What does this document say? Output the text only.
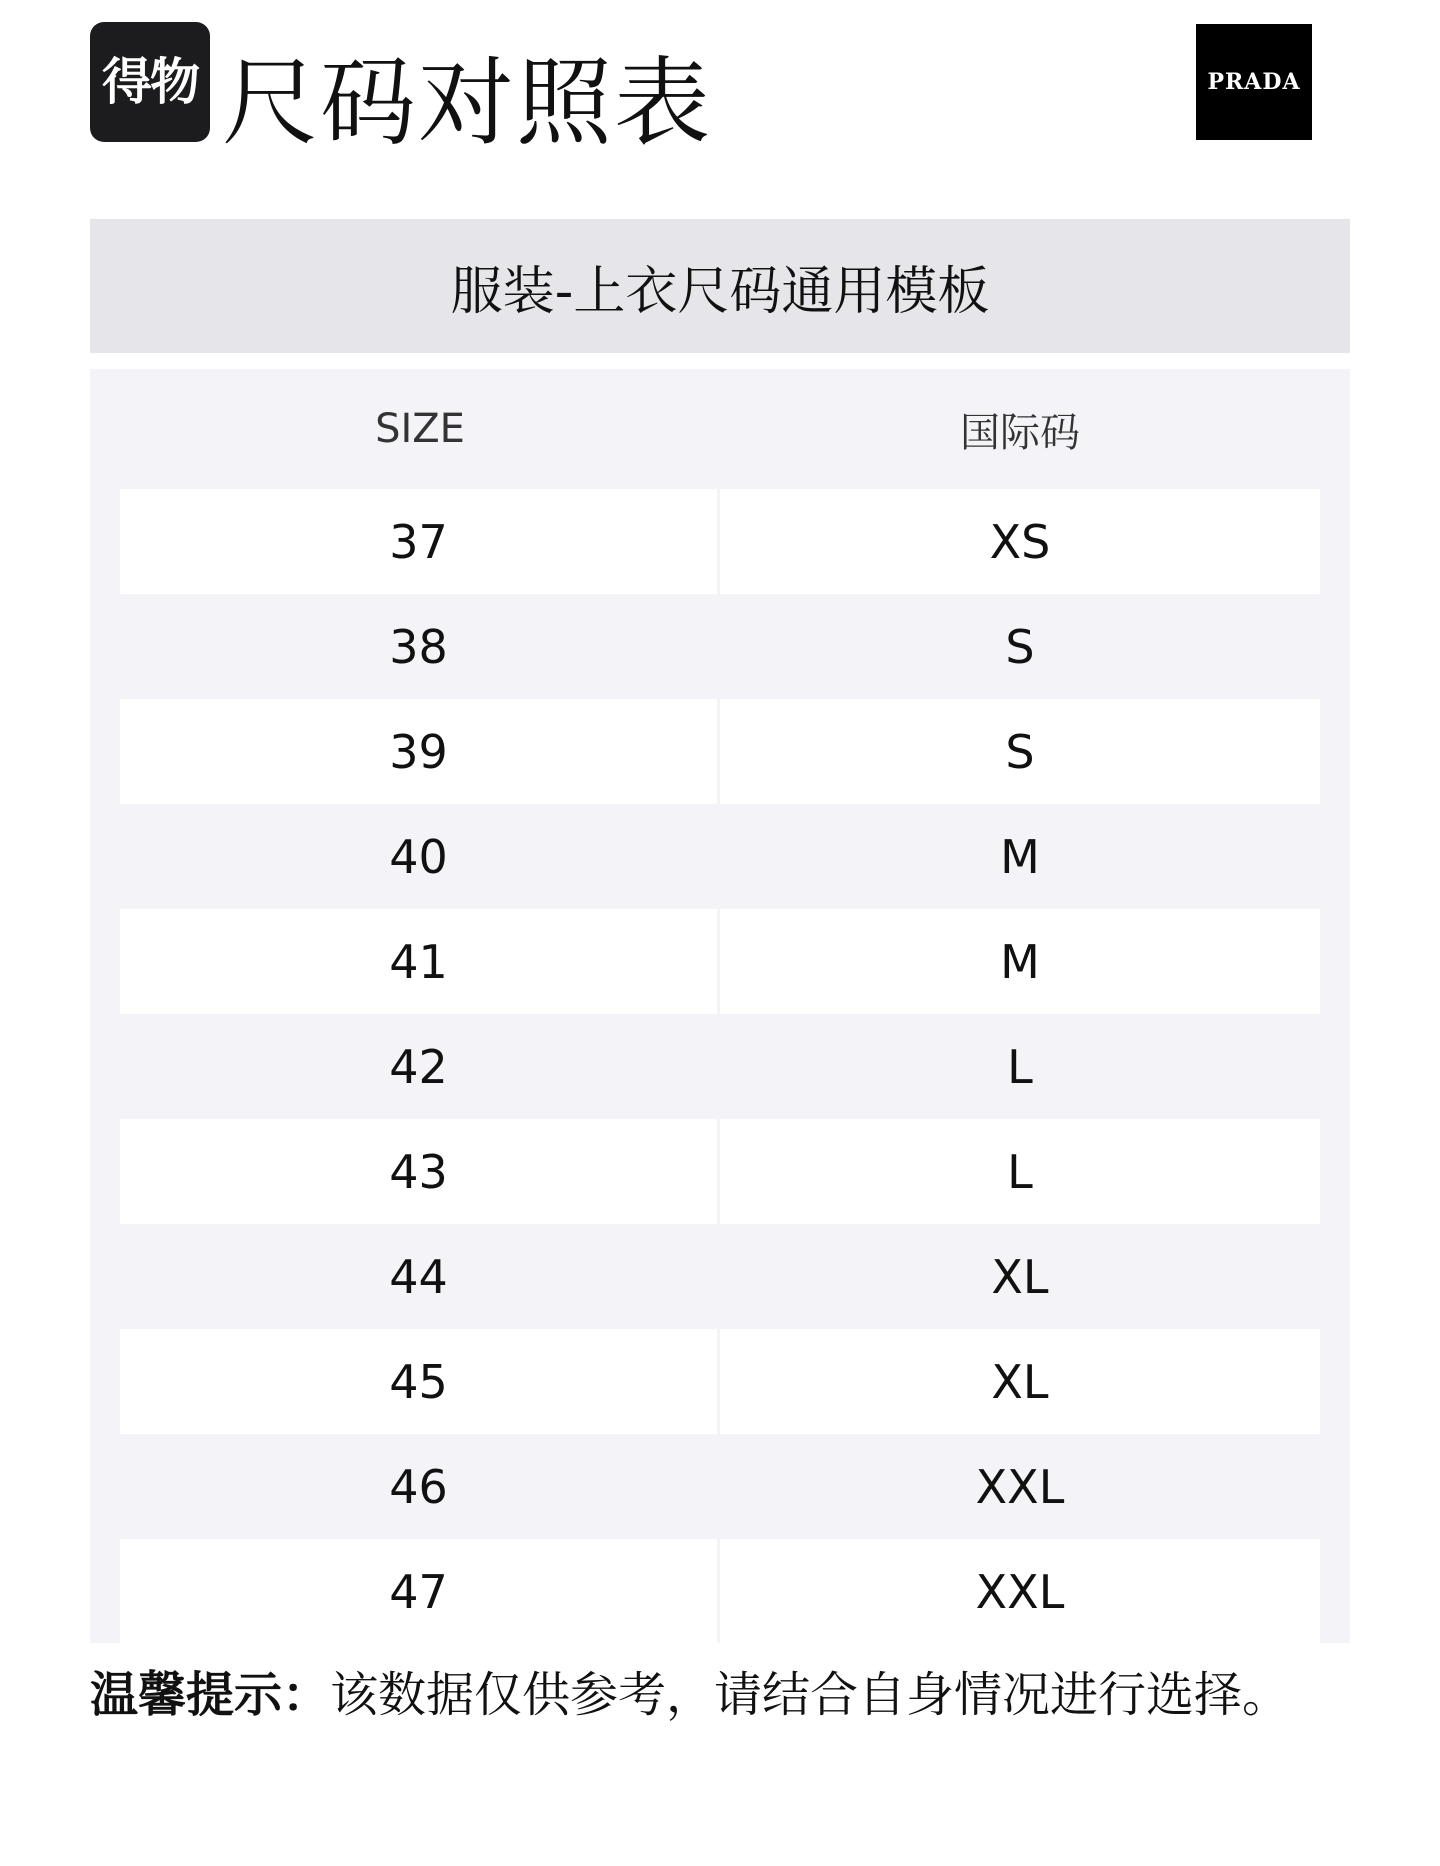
得物 尺码对照表	PRADA
服装-上衣尺码通用模板
SIZE	国际码
37	XS
38	S
39	S
40	M
41	M
42	L
43	L
44	XL
45	XL
46	XXL
47	XXL
温馨提示：该数据仅供参考，请结合自身情况进行选择。
